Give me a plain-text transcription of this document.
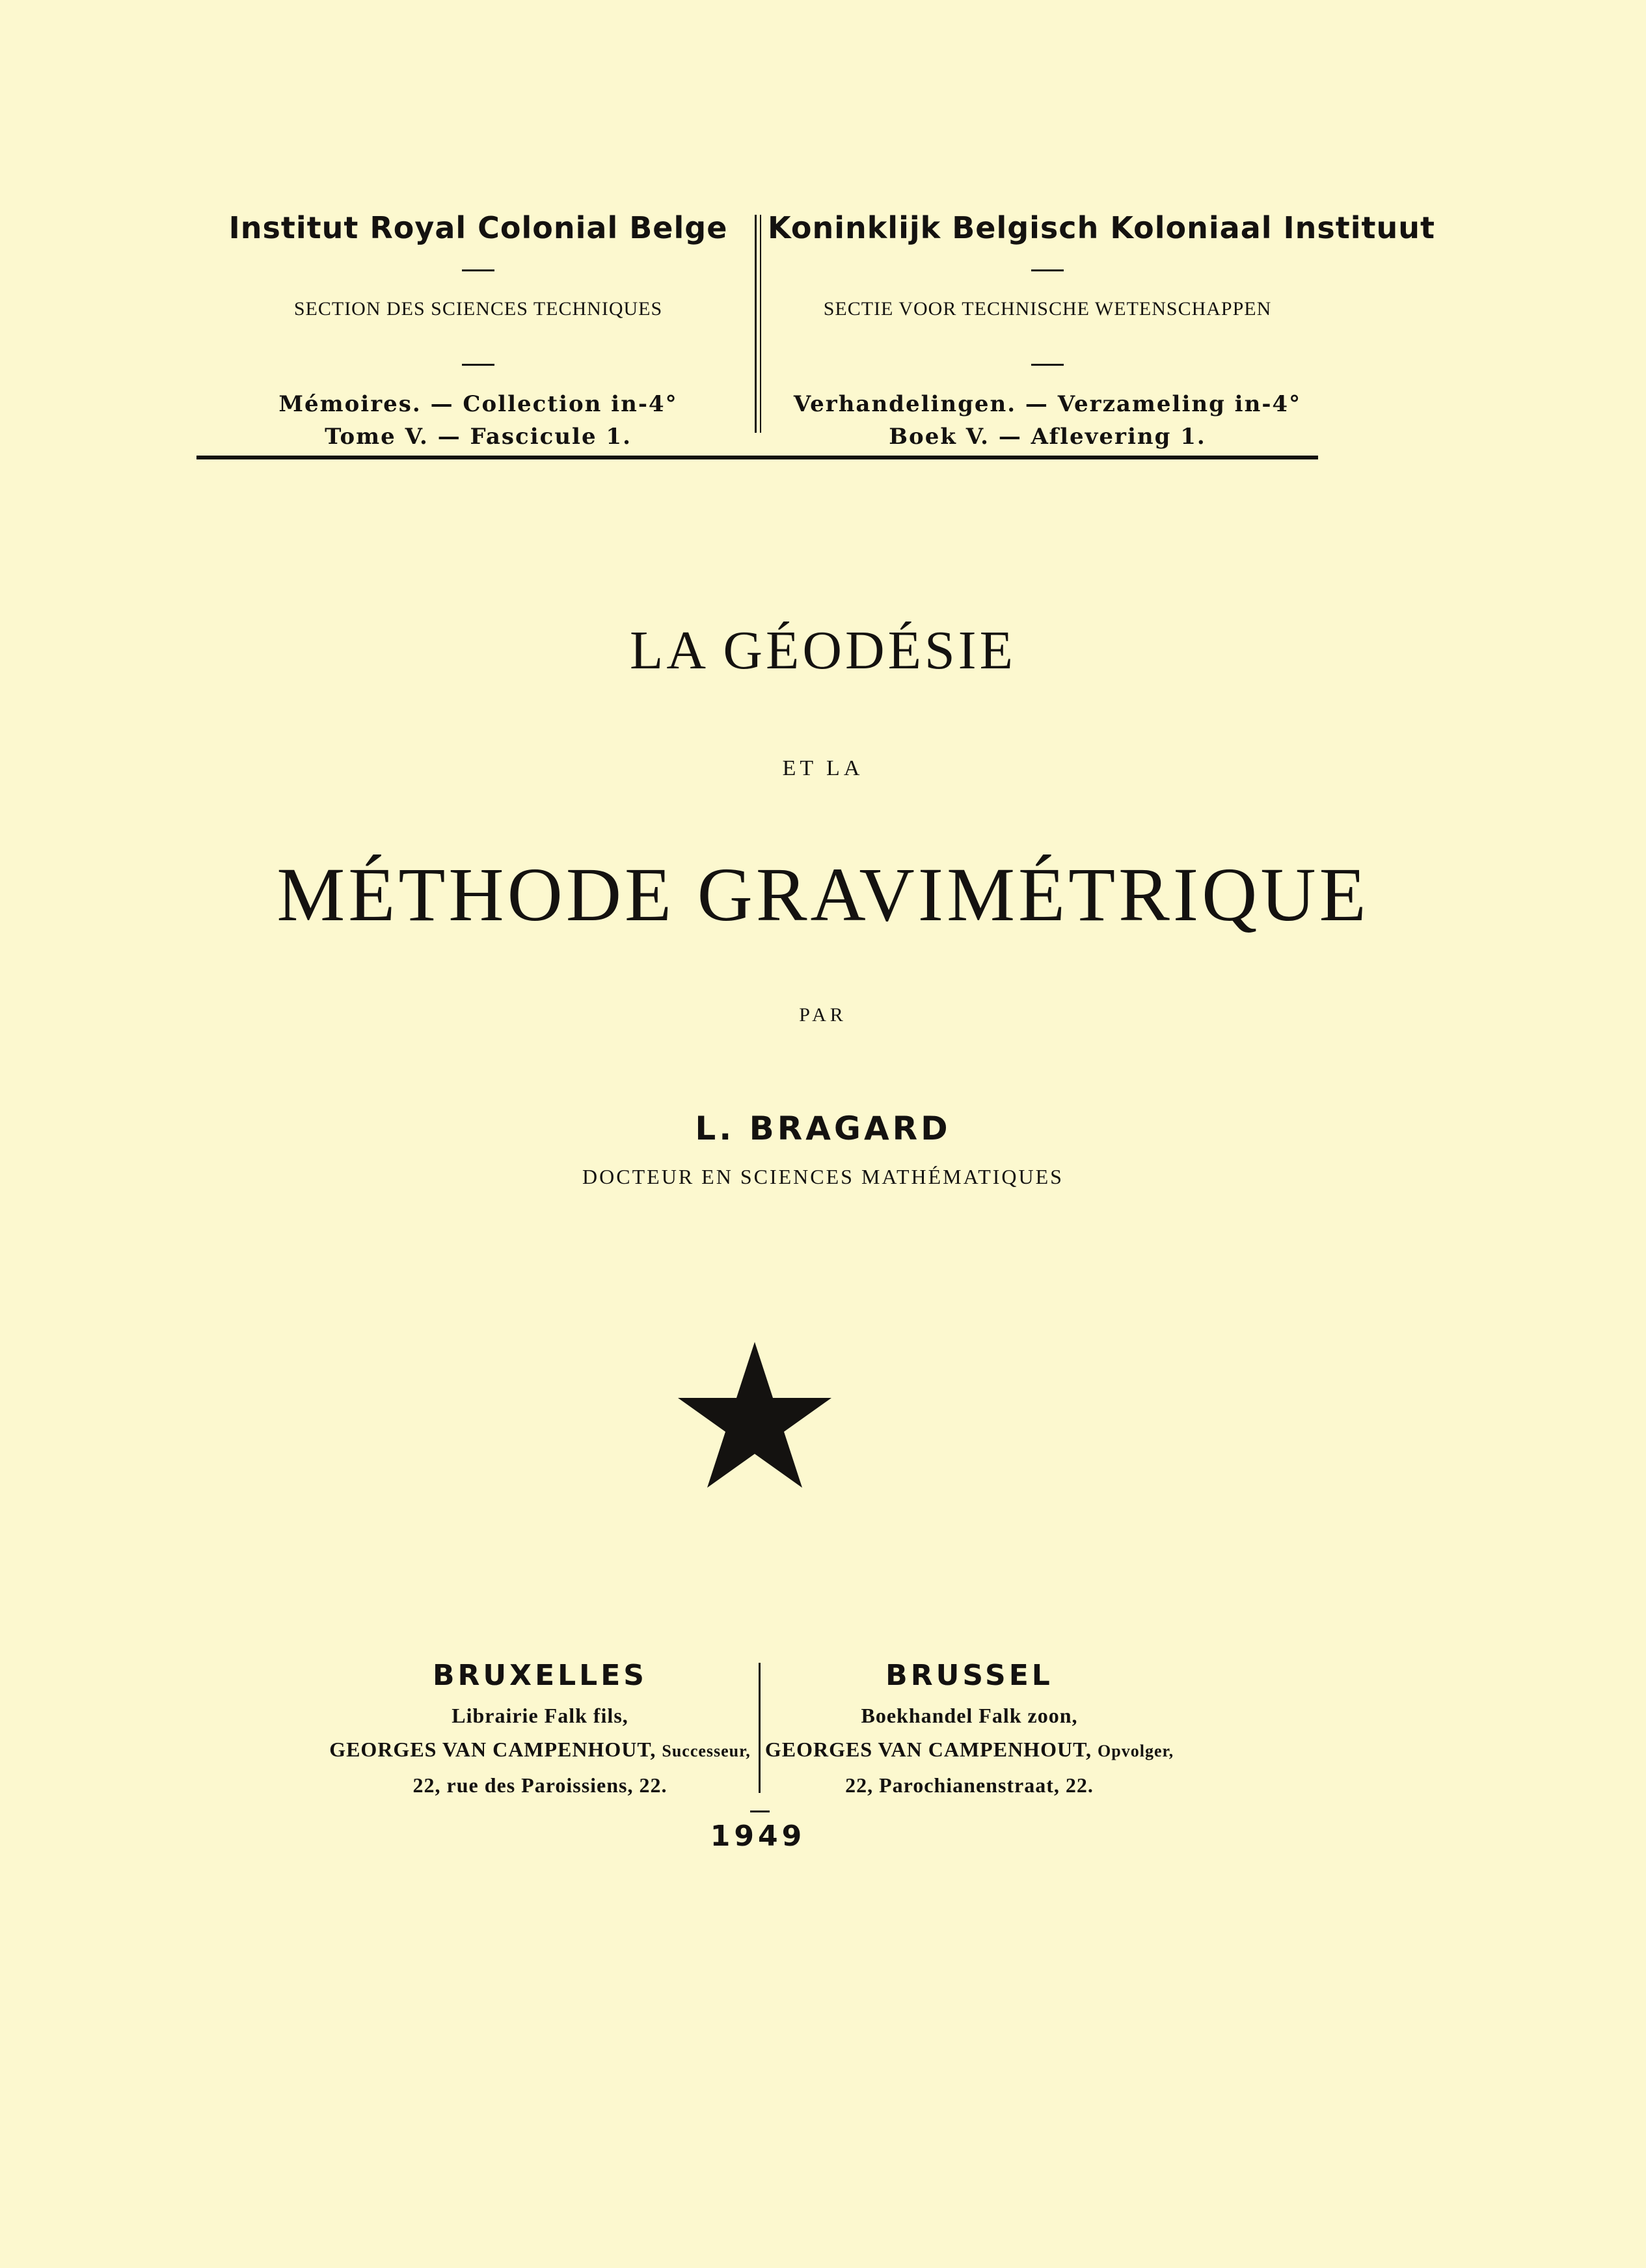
Institut Royal Colonial Belge
SECTION DES SCIENCES TECHNIQUES
Mémoires. — Collection in-4°
Tome V. — Fascicule 1.
Koninklijk Belgisch Koloniaal Instituut
SECTIE VOOR TECHNISCHE WETENSCHAPPEN
Verhandelingen. — Verzameling in-4°
Boek V. — Aflevering 1.
LA GÉODÉSIE
ET LA
MÉTHODE GRAVIMÉTRIQUE
PAR
L. BRAGARD
DOCTEUR EN SCIENCES MATHÉMATIQUES
BRUXELLES
Librairie Falk fils,
GEORGES VAN CAMPENHOUT, Successeur,
22, rue des Paroissiens, 22.
BRUSSEL
Boekhandel Falk zoon,
GEORGES VAN CAMPENHOUT, Opvolger,
22, Parochianenstraat, 22.
1949
